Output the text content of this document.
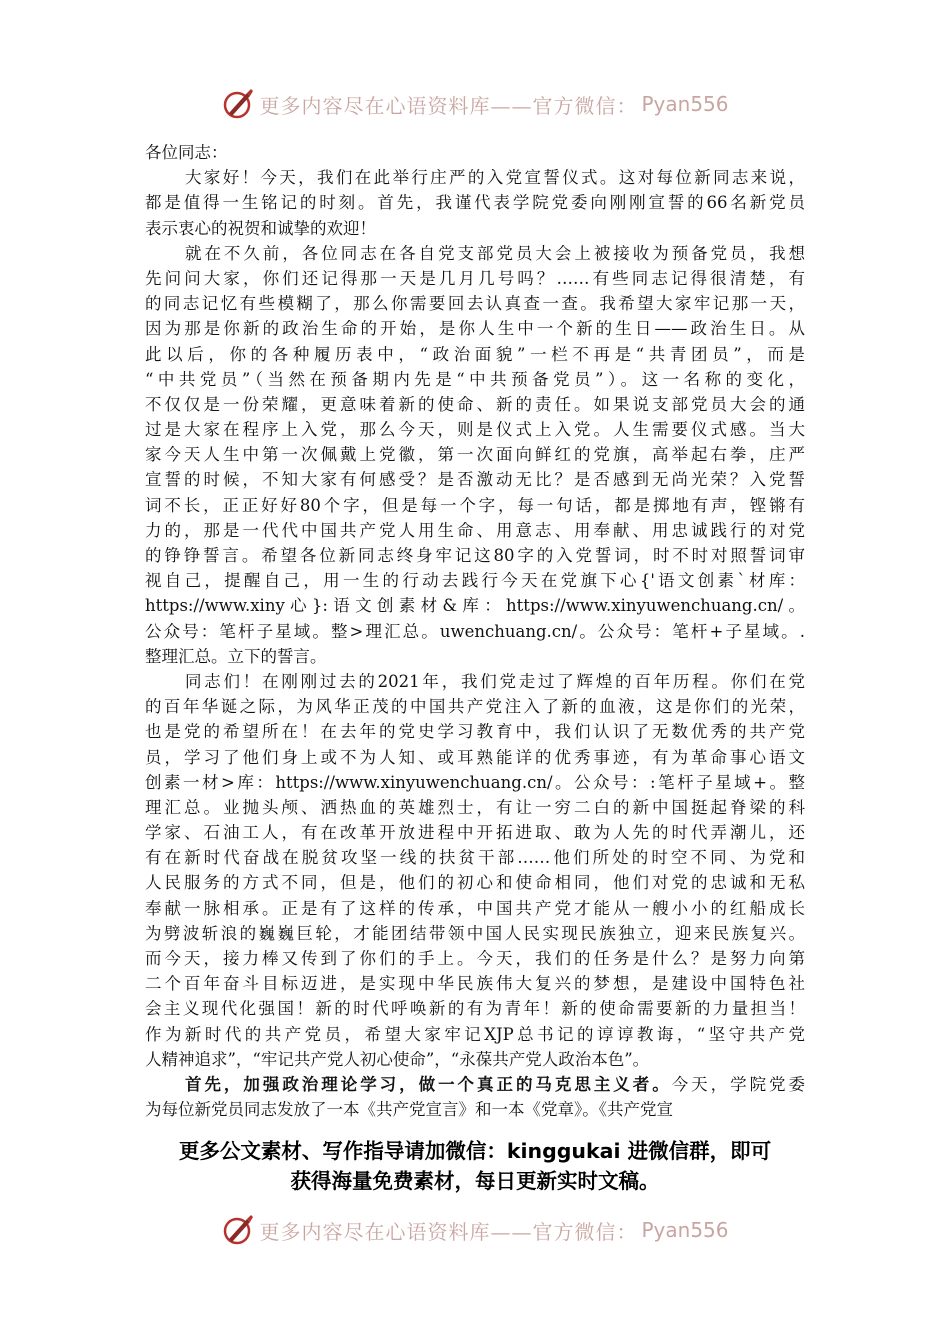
更多内容尽在心语资料库——官方微信： Pyan556
各位同志：
大家好！今天，我们在此举行庄严的入党宣誓仪式。这对每位新同志来说，
都是值得一生铭记的时刻。首先，我谨代表学院党委向刚刚宣誓的66名新党员
表示衷心的祝贺和诚挚的欢迎！
就在不久前，各位同志在各自党支部党员大会上被接收为预备党员，我想
先问问大家，你们还记得那一天是几月几号吗？……有些同志记得很清楚，有
的同志记忆有些模糊了，那么你需要回去认真查一查。我希望大家牢记那一天，
因为那是你新的政治生命的开始，是你人生中一个新的生日——政治生日。从
此以后，你的各种履历表中，“政治面貌”一栏不再是“共青团员”，而是
“中共党员”（当然在预备期内先是“中共预备党员”）。这一名称的变化，
不仅仅是一份荣耀，更意味着新的使命、新的责任。如果说支部党员大会的通
过是大家在程序上入党，那么今天，则是仪式上入党。人生需要仪式感。当大
家今天人生中第一次佩戴上党徽，第一次面向鲜红的党旗，高举起右拳，庄严
宣誓的时候，不知大家有何感受？是否激动无比？是否感到无尚光荣？入党誓
词不长，正正好好80个字，但是每一个字，每一句话，都是掷地有声，铿锵有
力的，那是一代代中国共产党人用生命、用意志、用奉献、用忠诚践行的对党
的铮铮誓言。希望各位新同志终身牢记这80字的入党誓词，时不时对照誓词审
视自己，提醒自己，用一生的行动去践行今天在党旗下心{'语文创素`材库：
https://www.xiny心}:语文创素材&库：https://www.xinyuwenchuang.cn/。
公众号：笔杆子星域。整>理汇总。uwenchuang.cn/。公众号：笔杆+子星域。.
整理汇总。立下的誓言。
同志们！在刚刚过去的2021年，我们党走过了辉煌的百年历程。你们在党
的百年华诞之际，为风华正茂的中国共产党注入了新的血液，这是你们的光荣，
也是党的希望所在！在去年的党史学习教育中，我们认识了无数优秀的共产党
员，学习了他们身上或不为人知、或耳熟能详的优秀事迹，有为革命事心语文
创素一材>库：https://www.xinyuwenchuang.cn/。公众号：:笔杆子星域+。整
理汇总。业抛头颅、洒热血的英雄烈士，有让一穷二白的新中国挺起脊梁的科
学家、石油工人，有在改革开放进程中开拓进取、敢为人先的时代弄潮儿，还
有在新时代奋战在脱贫攻坚一线的扶贫干部……他们所处的时空不同、为党和
人民服务的方式不同，但是，他们的初心和使命相同，他们对党的忠诚和无私
奉献一脉相承。正是有了这样的传承，中国共产党才能从一艘小小的红船成长
为劈波斩浪的巍巍巨轮，才能团结带领中国人民实现民族独立，迎来民族复兴。
而今天，接力棒又传到了你们的手上。今天，我们的任务是什么？是努力向第
二个百年奋斗目标迈进，是实现中华民族伟大复兴的梦想，是建设中国特色社
会主义现代化强国！新的时代呼唤新的有为青年！新的使命需要新的力量担当！
作为新时代的共产党员，希望大家牢记XJP总书记的谆谆教诲，“坚守共产党
人精神追求”，“牢记共产党人初心使命”，“永葆共产党人政治本色”。
首先，加强政治理论学习，做一个真正的马克思主义者。今天，学院党委
为每位新党员同志发放了一本《共产党宣言》和一本《党章》。《共产党宣
更多公文素材、写作指导请加微信：kinggukai 进微信群，即可
获得海量免费素材，每日更新实时文稿。
更多内容尽在心语资料库——官方微信： Pyan556
